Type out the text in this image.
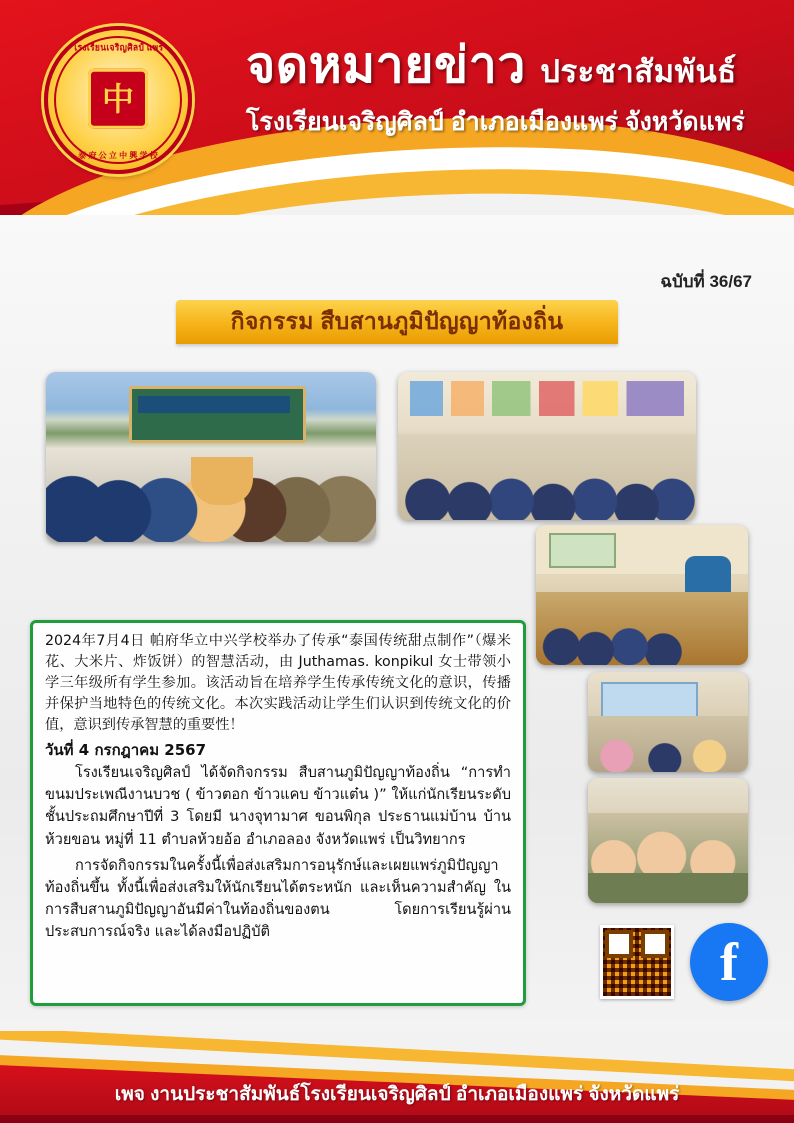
โรงเรียนเจริญศิลป์ แพร่
中
泰 府 公 立 中 興 学 校
จดหมายข่าว ประชาสัมพันธ์
โรงเรียนเจริญศิลป์ อำเภอเมืองแพร่ จังหวัดแพร่
ฉบับที่ 36/67
กิจกรรม สืบสานภูมิปัญญาท้องถิ่น
2024年7月4日 帕府华立中兴学校举办了传承“泰国传统甜点制作”（爆米花、大米片、炸饭饼）的智慧活动，由 Juthamas. konpikul 女士带领小学三年级所有学生参加。该活动旨在培养学生传承传统文化的意识，传播并保护当地特色的传统文化。本次实践活动让学生们认识到传统文化的价值，意识到传承智慧的重要性！
วันที่ 4 กรกฎาคม 2567
โรงเรียนเจริญศิลป์ ได้จัดกิจกรรม สืบสานภูมิปัญญาท้องถิ่น “การทำขนมประเพณีงานบวช ( ข้าวตอก ข้าวแคบ ข้าวแต๋น )” ให้แก่นักเรียนระดับชั้นประถมศึกษาปีที่ 3 โดยมี นางจุทามาศ ขอนพิกุล ประธานแม่บ้าน บ้านห้วยขอน หมู่ที่ 11 ตำบลห้วยอ้อ อำเภอลอง จังหวัดแพร่ เป็นวิทยากร
การจัดกิจกรรมในครั้งนี้เพื่อส่งเสริมการอนุรักษ์และเผยแพร่ภูมิปัญญาท้องถิ่นขึ้น ทั้งนี้เพื่อส่งเสริมให้นักเรียนได้ตระหนัก และเห็นความสำคัญ ในการสืบสานภูมิปัญญาอันมีค่าในท้องถิ่นของตน โดยการเรียนรู้ผ่านประสบการณ์จริง และได้ลงมือปฏิบัติ
f
เพจ งานประชาสัมพันธ์โรงเรียนเจริญศิลป์ อำเภอเมืองแพร่ จังหวัดแพร่
